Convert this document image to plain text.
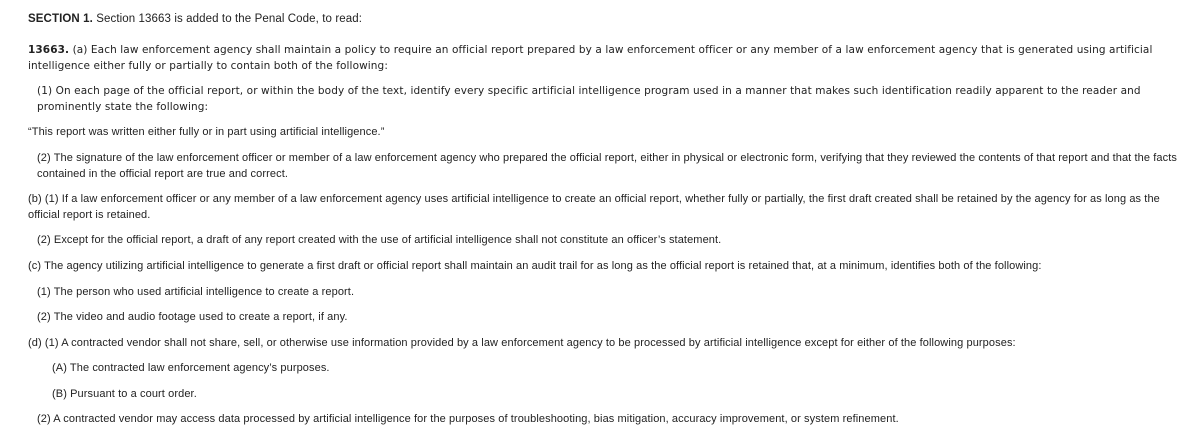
SECTION 1. Section 13663 is added to the Penal Code, to read:

13663. (a) Each law enforcement agency shall maintain a policy to require an official report prepared by a law enforcement officer or any member of a law enforcement agency that is generated using artificial intelligence either fully or partially to contain both of the following:

(1) On each page of the official report, or within the body of the text, identify every specific artificial intelligence program used in a manner that makes such identification readily apparent to the reader and prominently state the following:

“This report was written either fully or in part using artificial intelligence.”

(2) The signature of the law enforcement officer or member of a law enforcement agency who prepared the official report, either in physical or electronic form, verifying that they reviewed the contents of that report and that the facts contained in the official report are true and correct.

(b) (1) If a law enforcement officer or any member of a law enforcement agency uses artificial intelligence to create an official report, whether fully or partially, the first draft created shall be retained by the agency for as long as the official report is retained.

(2) Except for the official report, a draft of any report created with the use of artificial intelligence shall not constitute an officer’s statement.

(c) The agency utilizing artificial intelligence to generate a first draft or official report shall maintain an audit trail for as long as the official report is retained that, at a minimum, identifies both of the following:

(1) The person who used artificial intelligence to create a report.

(2) The video and audio footage used to create a report, if any.

(d) (1) A contracted vendor shall not share, sell, or otherwise use information provided by a law enforcement agency to be processed by artificial intelligence except for either of the following purposes:

(A) The contracted law enforcement agency’s purposes.

(B) Pursuant to a court order.

(2) A contracted vendor may access data processed by artificial intelligence for the purposes of troubleshooting, bias mitigation, accuracy improvement, or system refinement.
